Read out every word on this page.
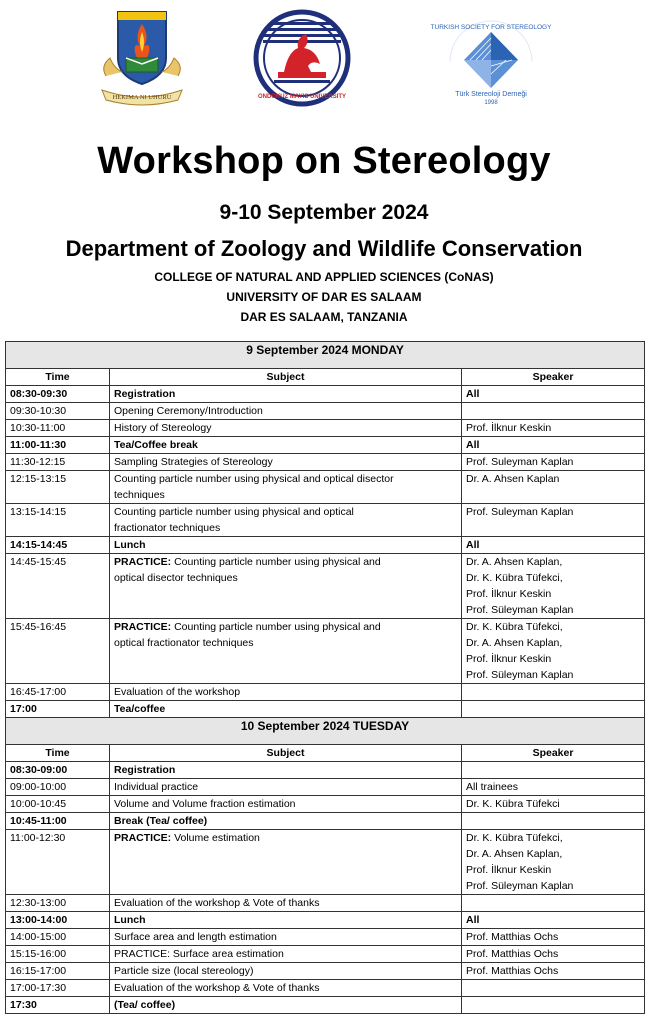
HEKIMA NI UHURU	ONDOKUZ MAYIS UNIVERSITY
TURKISH SOCIETY FOR STEREOLOGY
Türk Stereoloji Derneği
1998
Workshop on Stereology
9-10 September 2024
Department of Zoology and Wildlife Conservation
COLLEGE OF NATURAL AND APPLIED SCIENCES (CoNAS)
UNIVERSITY OF DAR ES SALAAM
DAR ES SALAAM, TANZANIA
9 September 2024 MONDAY		
Time	Subject	Speaker
08:30-09:30	Registration	All
09:30-10:30	Opening Ceremony/Introduction	
10:30-11:00	History of Stereology	Prof. İlknur Keskin
11:00-11:30	Tea/Coffee break	All
11:30-12:15	Sampling Strategies of Stereology	Prof. Suleyman Kaplan
12:15-13:15	Counting particle number using physical and optical disector
techniques	Dr. A. Ahsen Kaplan
13:15-14:15	Counting particle number using physical and optical
fractionator techniques	Prof. Suleyman Kaplan
14:15-14:45	Lunch	All
14:45-15:45	PRACTICE: Counting particle number using physical and
optical disector techniques	Dr. A. Ahsen Kaplan,
Dr. K. Kübra Tüfekci,
Prof. İlknur Keskin
Prof. Süleyman Kaplan
15:45-16:45	PRACTICE: Counting particle number using physical and
optical fractionator techniques	Dr. K. Kübra Tüfekci,
Dr. A. Ahsen Kaplan,
Prof. İlknur Keskin
Prof. Süleyman Kaplan
16:45-17:00	Evaluation of the workshop	
17:00	Tea/coffee	
10 September 2024 TUESDAY		
Time	Subject	Speaker
08:30-09:00	Registration	
09:00-10:00	Individual practice	All trainees
10:00-10:45	Volume and Volume fraction estimation	Dr. K. Kübra Tüfekci
10:45-11:00	Break (Tea/ coffee)	
11:00-12:30	PRACTICE: Volume estimation	Dr. K. Kübra Tüfekci,
Dr. A. Ahsen Kaplan,
Prof. İlknur Keskin
Prof. Süleyman Kaplan
12:30-13:00	Evaluation of the workshop & Vote of thanks	
13:00-14:00	Lunch	All
14:00-15:00	Surface area and length estimation	Prof. Matthias Ochs
15:15-16:00	PRACTICE: Surface area estimation	Prof. Matthias Ochs
16:15-17:00	Particle size (local stereology)	Prof. Matthias Ochs
17:00-17:30	Evaluation of the workshop & Vote of thanks	
17:30	(Tea/ coffee)	
